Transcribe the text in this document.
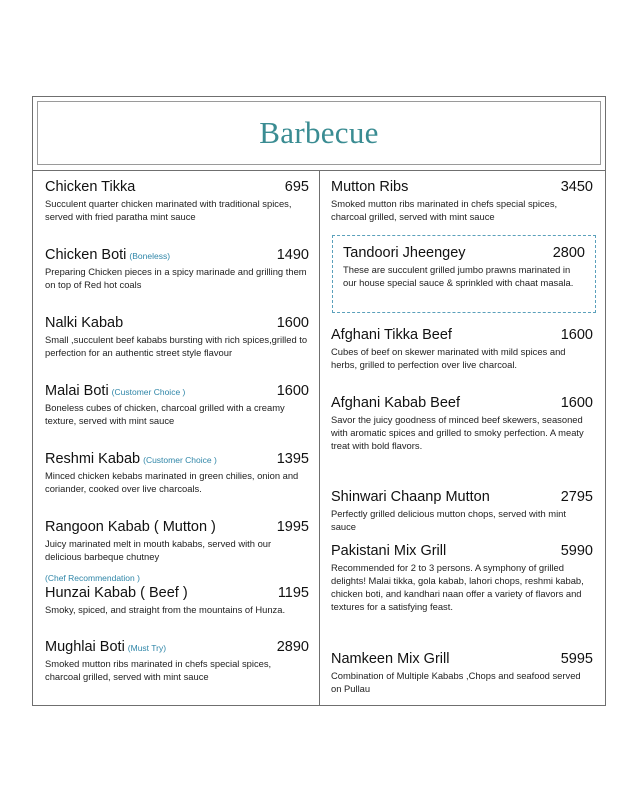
Barbecue
Chicken Tikka	695
Succulent quarter chicken marinated with traditional spices, served with fried paratha mint sauce
Chicken Boti (Boneless)	1490
Preparing Chicken pieces in a spicy marinade and grilling them on top of Red hot coals
Nalki Kabab	1600
Small ,succulent beef kababs bursting with rich spices,grilled to perfection for an authentic street style flavour
Malai Boti (Customer Choice )	1600
Boneless cubes of chicken, charcoal grilled with a creamy texture, served with mint sauce
Reshmi Kabab (Customer Choice )	1395
Minced chicken kebabs marinated in green chilies, onion and coriander, cooked over live charcoals.
Rangoon Kabab ( Mutton )	1995
Juicy marinated melt in mouth kababs, served with our delicious barbeque chutney
(Chef Recommendation )
Hunzai Kabab ( Beef )	1195
Smoky, spiced, and straight from the mountains of Hunza.
Mughlai Boti (Must Try)	2890
Smoked mutton ribs marinated in chefs special spices, charcoal grilled, served with mint sauce
Mutton Ribs	3450
Smoked mutton ribs marinated in chefs special spices, charcoal grilled, served with mint sauce
Tandoori Jheengey	2800
These are succulent grilled jumbo prawns marinated in our house special sauce & sprinkled with chaat masala.
Afghani Tikka Beef	1600
Cubes of beef on skewer marinated with mild spices and herbs, grilled to perfection over live charcoal.
Afghani Kabab Beef	1600
Savor the juicy goodness of minced beef skewers, seasoned with aromatic spices and grilled to smoky perfection. A meaty treat with bold flavors.
Shinwari Chaanp Mutton	2795
Perfectly grilled delicious mutton chops, served with mint sauce
Pakistani Mix Grill	5990
Recommended for 2 to 3 persons. A symphony of grilled delights! Malai tikka, gola kabab, lahori chops, reshmi kabab, chicken boti, and kandhari naan offer a variety of flavors and textures for a satisfying feast.
Namkeen Mix Grill	5995
Combination of Multiple Kababs ,Chops and seafood served on Pullau
